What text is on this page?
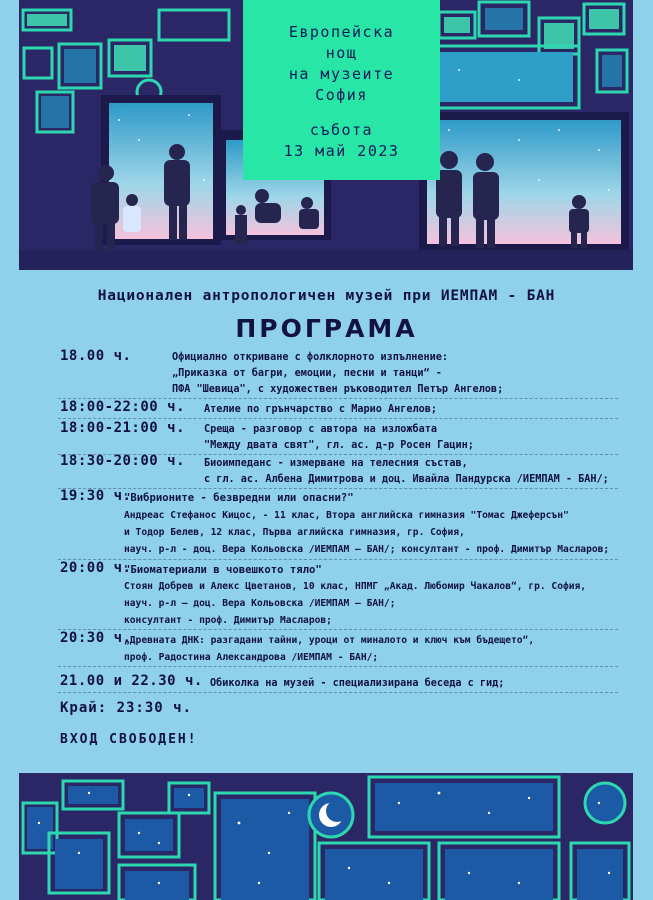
Европейска
нощ
на музеите
София
събота
13 май 2023
Национален антропологичен музей при ИЕМПАМ - БАН
ПРОГРАМА
18.00 ч.	Официално откриване с фолклорното изпълнение:
„Приказка от багри, емоции, песни и танци“ -
ПФА "Шевица", с художествен ръководител Петър Ангелов;
18:00-22:00 ч. Ателие по грънчарство с Марио Ангелов;
18:00-21:00 ч. Среща - разговор с автора на изложбата
"Между двата свят", гл. ас. д-р Росен Гацин;
18:30-20:00 ч. Биоимпеданс - измерване на телесния състав,
с гл. ас. Албена Димитрова и доц. Ивайла Пандурска /ИЕМПАМ - БАН/;
19:30 ч.
"Вибрионите - безвредни или опасни?"
Андреас Стефанос Кицос, - 11 клас, Втора английска гимназия "Томас Джеферсън"
и Тодор Белев, 12 клас, Първа аглийска гимназия, гр. София,
науч. р-л - доц. Вера Кольовска /ИЕМПАМ – БАН/; консултант - проф. Димитър Масларов;
20:00 ч.
"Биоматериали в човешкото тяло"
Стоян Добрев и Алекс Цветанов, 10 клас, НПМГ „Акад. Любомир Чакалов“, гр. София,
науч. р-л – доц. Вера Кольовска /ИЕМПАМ – БАН/;
консултант - проф. Димитър Масларов;
20:30 ч.
„Древната ДНК: разгадани тайни, уроци от миналото и ключ към бъдещето“,
проф. Радостина Александрова /ИЕМПАМ - БАН/;
21.00 и 22.30 ч. Обиколка на музей - специализирана беседа с гид;
Край: 23:30 ч.
ВХОД СВОБОДЕН!
